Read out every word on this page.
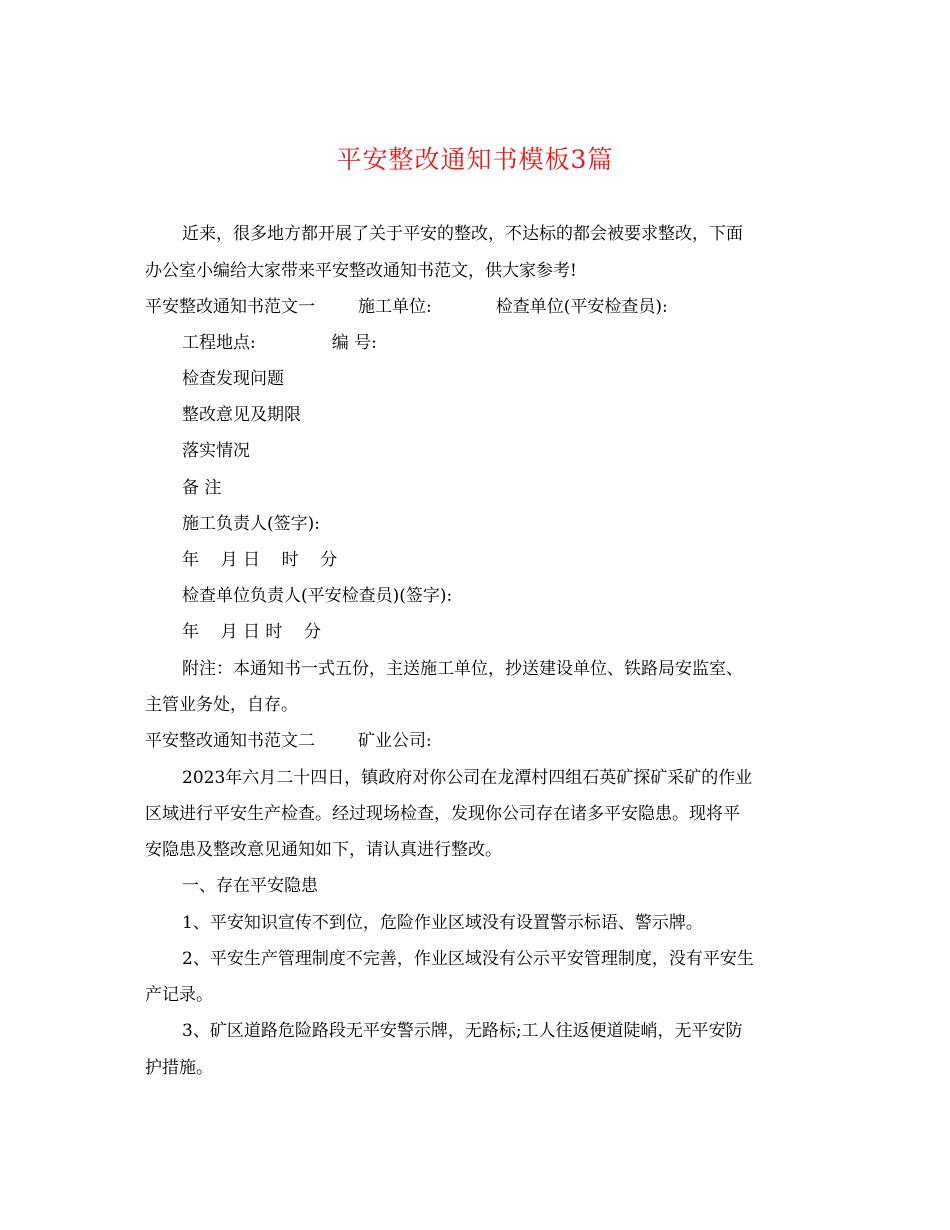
平安整改通知书模板3篇
近来，很多地方都开展了关于平安的整改，不达标的都会被要求整改，下面
办公室小编给大家带来平安整改通知书范文，供大家参考!
平安整改通知书范文一	施工单位:	检查单位(平安检查员):
工程地点:	编 号:
检查发现问题
整改意见及期限
落实情况
备 注
施工负责人(签字):
年    月 日    时    分
检查单位负责人(平安检查员)(签字):
年    月 日 时    分
附注：本通知书一式五份，主送施工单位，抄送建设单位、铁路局安监室、
主管业务处，自存。
平安整改通知书范文二	矿业公司:
2023年六月二十四日，镇政府对你公司在龙潭村四组石英矿探矿采矿的作业
区域进行平安生产检查。经过现场检查，发现你公司存在诸多平安隐患。现将平
安隐患及整改意见通知如下，请认真进行整改。
一、存在平安隐患
1、平安知识宣传不到位，危险作业区域没有设置警示标语、警示牌。
2、平安生产管理制度不完善，作业区域没有公示平安管理制度，没有平安生
产记录。
3、矿区道路危险路段无平安警示牌，无路标;工人往返便道陡峭，无平安防
护措施。
